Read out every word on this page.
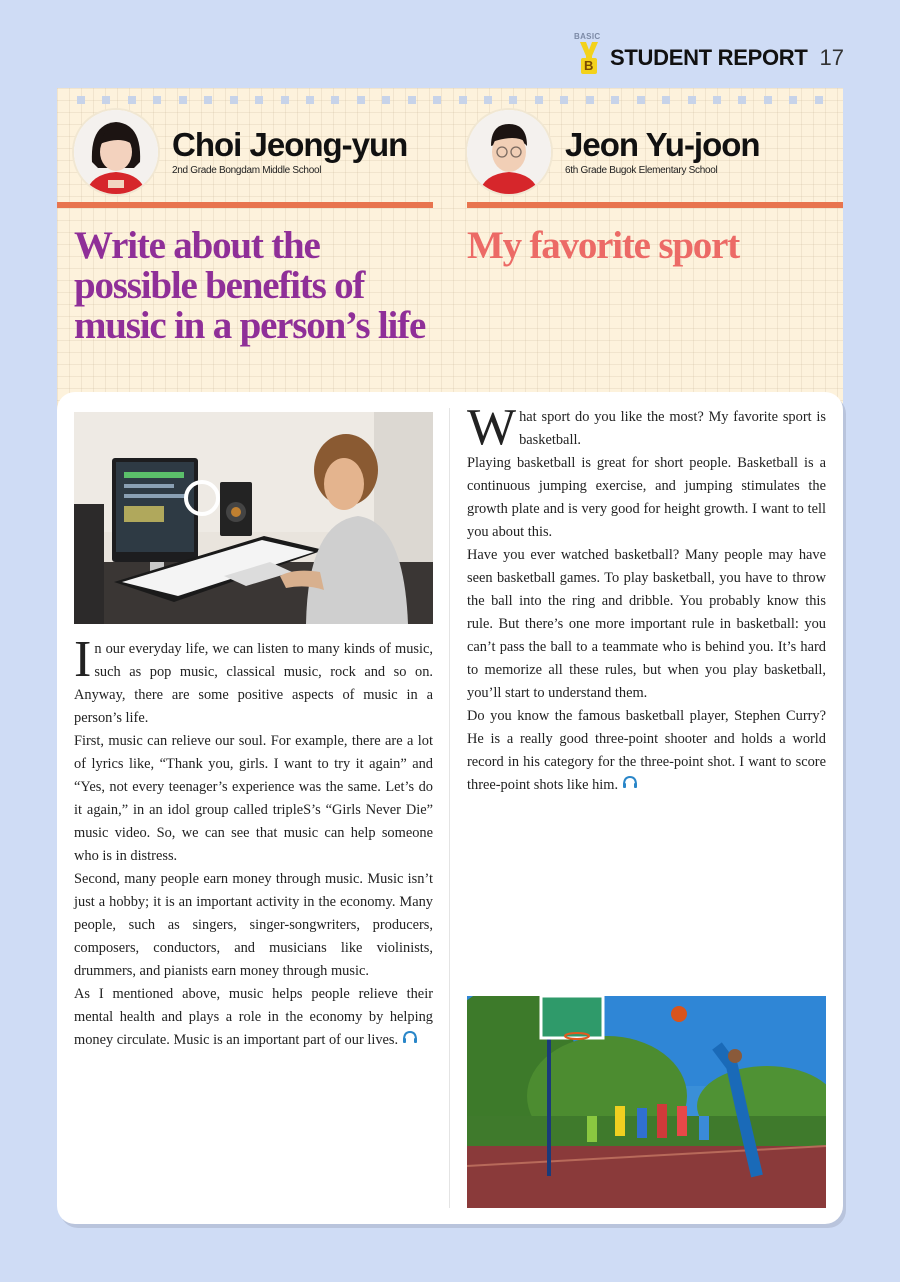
BASIC
B STUDENT REPORT 17
Choi Jeong-yun
2nd Grade Bongdam Middle School
Jeon Yu-joon
6th Grade Bugok Elementary School
Write about the possible benefits of music in a person’s life
My favorite sport

In our everyday life, we can listen to many kinds of music, such as pop music, classical music, rock and so on. Anyway, there are some positive aspects of music in a person’s life.

First, music can relieve our soul. For example, there are a lot of lyrics like, “Thank you, girls. I want to try it again” and “Yes, not every teenager’s experience was the same. Let’s do it again,” in an idol group called tripleS’s “Girls Never Die” music video. So, we can see that music can help someone who is in distress.

Second, many people earn money through music. Music isn’t just a hobby; it is an important activity in the economy. Many people, such as singers, singer-songwriters, producers, composers, conductors, and musicians like violinists, drummers, and pianists earn money through music.

As I mentioned above, music helps people relieve their mental health and plays a role in the economy by helping money circulate. Music is an important part of our lives.

What sport do you like the most? My favorite sport is basketball.

Playing basketball is great for short people. Basketball is a continuous jumping exercise, and jumping stimulates the growth plate and is very good for height growth. I want to tell you about this.

Have you ever watched basketball? Many people may have seen basketball games. To play basketball, you have to throw the ball into the ring and dribble. You probably know this rule. But there’s one more important rule in basketball: you can’t pass the ball to a teammate who is behind you. It’s hard to memorize all these rules, but when you play basketball, you’ll start to understand them.

Do you know the famous basketball player, Stephen Curry? He is a really good three-point shooter and holds a world record in his category for the three-point shot. I want to score three-point shots like him.
